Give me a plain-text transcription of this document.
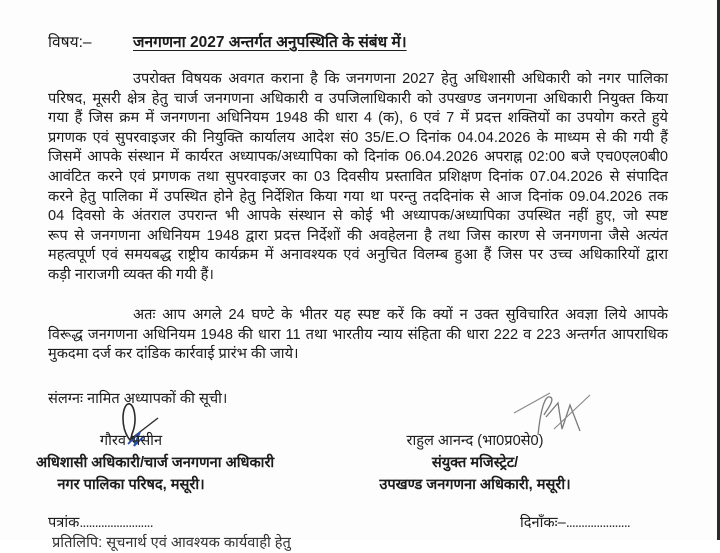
विषय:–	जनगणना 2027 अन्तर्गत अनुपस्थिति के संबंध में।
उपरोक्त विषयक अवगत कराना है कि जनगणना 2027 हेतु अधिशासी अधिकारी को नगर पालिका
परिषद, मूसरी क्षेत्र हेतु चार्ज जनगणना अधिकारी व उपजिलाधिकारी को उपखण्ड जनगणना अधिकारी नियुक्त किया
गया हैं जिस क्रम में जनगणना अधिनियम 1948 की धारा 4 (क), 6 एवं 7 में प्रदत्त शक्तियों का उपयोग करते हुये
प्रगणक एवं सुपरवाइजर की नियुक्ति कार्यालय आदेश सं0 35/E.O दिनांक 04.04.2026 के माध्यम से की गयी हैं
जिसमें आपके संस्थान में कार्यरत अध्यापक/अध्यापिका को दिनांक 06.04.2026 अपराह्न 02:00 बजे एच0एल0बी0
आवंटित करने एवं प्रगणक तथा सुपरवाइजर का 03 दिवसीय प्रस्तावित प्रशिक्षण दिनांक 07.04.2026 से संपादित
करने हेतु पालिका में उपस्थित होने हेतु निर्देशित किया गया था परन्तु तददिनांक से आज दिनांक 09.04.2026 तक
04 दिवसो के अंतराल उपरान्त भी आपके संस्थान से कोई भी अध्यापक/अध्यापिका उपस्थित नहीं हुए, जो स्पष्ट
रूप से जनगणना अधिनियम 1948 द्वारा प्रदत्त निर्देशों की अवहेलना है तथा जिस कारण से जनगणना जैसे अत्यंत
महत्वपूर्ण एवं समयबद्ध राष्ट्रीय कार्यक्रम में अनावश्यक एवं अनुचित विलम्ब हुआ हैं जिस पर उच्च अधिकारियों द्वारा
कड़ी नाराजगी व्यक्त की गयी हैं।
अतः आप अगले 24 घण्टे के भीतर यह स्पष्ट करें कि क्यों न उक्त सुविचारित अवज्ञा लिये आपके
विरूद्ध जनगणना अधिनियम 1948 की धारा 11 तथा भारतीय न्याय संहिता की धारा 222 व 223 अन्तर्गत आपराधिक
मुकदमा दर्ज कर दांडिक कार्रवाई प्रारंभ की जाये।
संलग्नः नामित अध्यापकों की सूची।
गौरव भसीन
अधिशासी अधिकारी/चार्ज जनगणना अधिकारी
नगर पालिका परिषद, मसूरी।
राहुल आनन्द (भा0प्र0से0)
संयुक्त मजिस्ट्रेट/
उपखण्ड जनगणना अधिकारी, मसूरी।
पत्रांक........................	दिनाँकः–.....................
प्रतिलिपि: सूचनार्थ एवं आवश्यक कार्यवाही हेतु
